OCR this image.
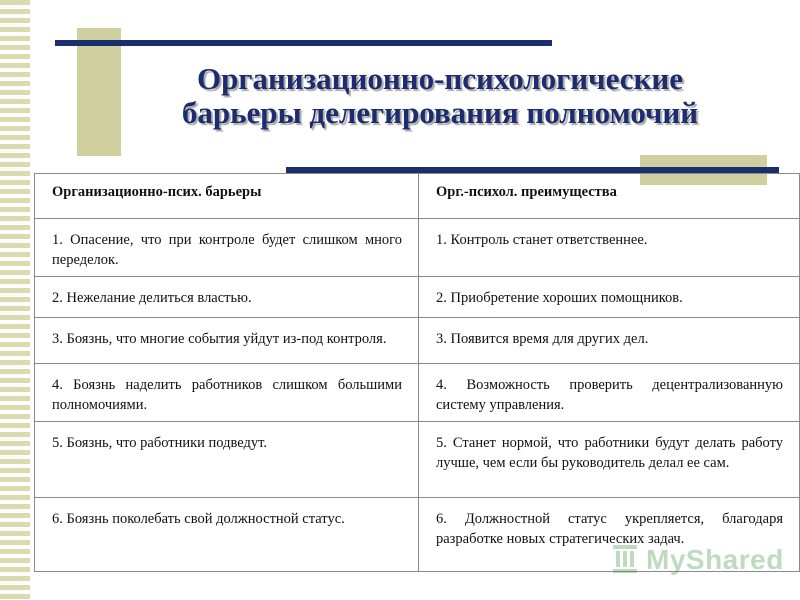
Организационно-психологические
барьеры делегирования полномочий
Организационно-псих. барьеры	Орг.-психол. преимущества
1. Опасение, что при контроле будет слишком много переделок.	1. Контроль станет ответственнее.
2. Нежелание делиться властью.	2. Приобретение хороших помощников.
3. Боязнь, что многие события уйдут из-под контроля.	3. Появится время для других дел.
4. Боязнь наделить работников слишком большими полномочиями.	4. Возможность проверить децентрализованную систему управления.
5. Боязнь, что работники подведут.	5. Станет нормой, что работники будут делать работу лучше, чем если бы руководитель делал ее сам.
6. Боязнь поколебать свой должностной статус.	6. Должностной статус укрепляется, благодаря разработке новых стратегических задач.
MyShared
